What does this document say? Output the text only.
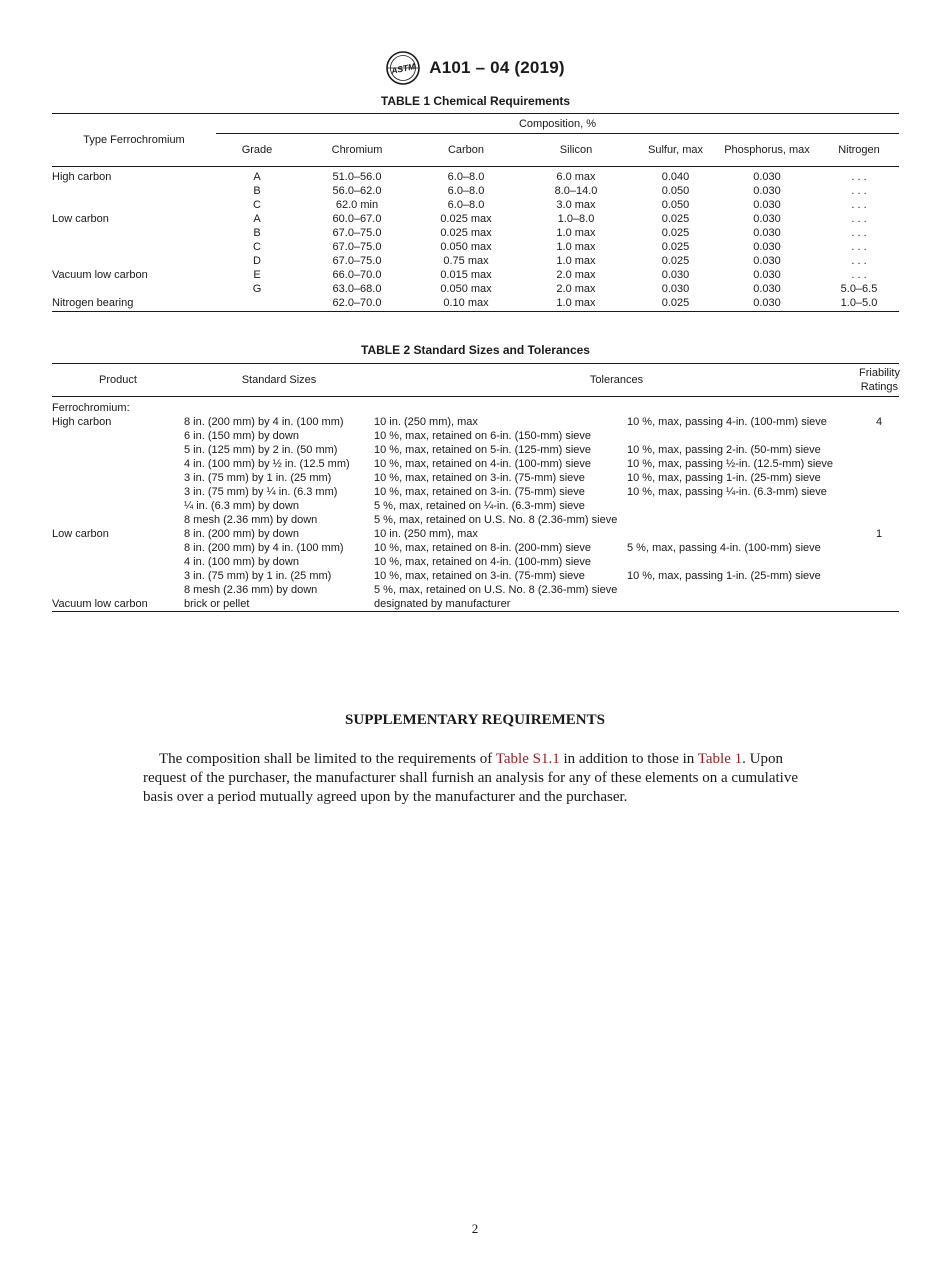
ASTM A101 – 04 (2019)
TABLE 1 Chemical Requirements
Type Ferrochromium	Composition, %						
	Grade	Chromium	Carbon	Silicon	Sulfur, max	Phosphorus, max	Nitrogen
High carbon	A	51.0–56.0	6.0–8.0	6.0 max	0.040	0.030	. . .
	B	56.0–62.0	6.0–8.0	8.0–14.0	0.050	0.030	. . .
	C	62.0 min	6.0–8.0	3.0 max	0.050	0.030	. . .
Low carbon	A	60.0–67.0	0.025 max	1.0–8.0	0.025	0.030	. . .
	B	67.0–75.0	0.025 max	1.0 max	0.025	0.030	. . .
	C	67.0–75.0	0.050 max	1.0 max	0.025	0.030	. . .
	D	67.0–75.0	0.75 max	1.0 max	0.025	0.030	. . .
Vacuum low carbon	E	66.0–70.0	0.015 max	2.0 max	0.030	0.030	. . .
	G	63.0–68.0	0.050 max	2.0 max	0.030	0.030	5.0–6.5
Nitrogen bearing		62.0–70.0	0.10 max	1.0 max	0.025	0.030	1.0–5.0
TABLE 2 Standard Sizes and Tolerances
Product	Standard Sizes	Tolerances		Friability Ratings
Ferrochromium:		

High carbon	8 in. (200 mm) by 4 in. (100 mm)	10 in. (250 mm), max	10 %, max, passing 4-in. (100-mm) sieve	4
	6 in. (150 mm) by down	10 %, max, retained on 6-in. (150-mm) sieve		

	5 in. (125 mm) by 2 in. (50 mm)	10 %, max, retained on 5-in. (125-mm) sieve	10 %, max, passing 2-in. (50-mm) sieve	
	4 in. (100 mm) by ½ in. (12.5 mm)	10 %, max, retained on 4-in. (100-mm) sieve	10 %, max, passing ½-in. (12.5-mm) sieve	
	3 in. (75 mm) by 1 in. (25 mm)	10 %, max, retained on 3-in. (75-mm) sieve	10 %, max, passing 1-in. (25-mm) sieve	
	3 in. (75 mm) by ¼ in. (6.3 mm)	10 %, max, retained on 3-in. (75-mm) sieve	10 %, max, passing ¼-in. (6.3-mm) sieve	
	¼ in. (6.3 mm) by down	5 %, max, retained on ¼-in. (6.3-mm) sieve		

	8 mesh (2.36 mm) by down	5 %, max, retained on U.S. No. 8 (2.36-mm) sieve		

Low carbon	8 in. (200 mm) by down	10 in. (250 mm), max		1
	8 in. (200 mm) by 4 in. (100 mm)	10 %, max, retained on 8-in. (200-mm) sieve	5 %, max, passing 4-in. (100-mm) sieve	
	4 in. (100 mm) by down	10 %, max, retained on 4-in. (100-mm) sieve		

	3 in. (75 mm) by 1 in. (25 mm)	10 %, max, retained on 3-in. (75-mm) sieve	10 %, max, passing 1-in. (25-mm) sieve	
	8 mesh (2.36 mm) by down	5 %, max, retained on U.S. No. 8 (2.36-mm) sieve		

Vacuum low carbon	brick or pellet	designated by manufacturer		

SUPPLEMENTARY REQUIREMENTS

The composition shall be limited to the requirements of Table S1.1 in addition to those in Table 1. Upon request of the purchaser, the manufacturer shall furnish an analysis for any of these elements on a cumulative basis over a period mutually agreed upon by the manufacturer and the purchaser.

2
